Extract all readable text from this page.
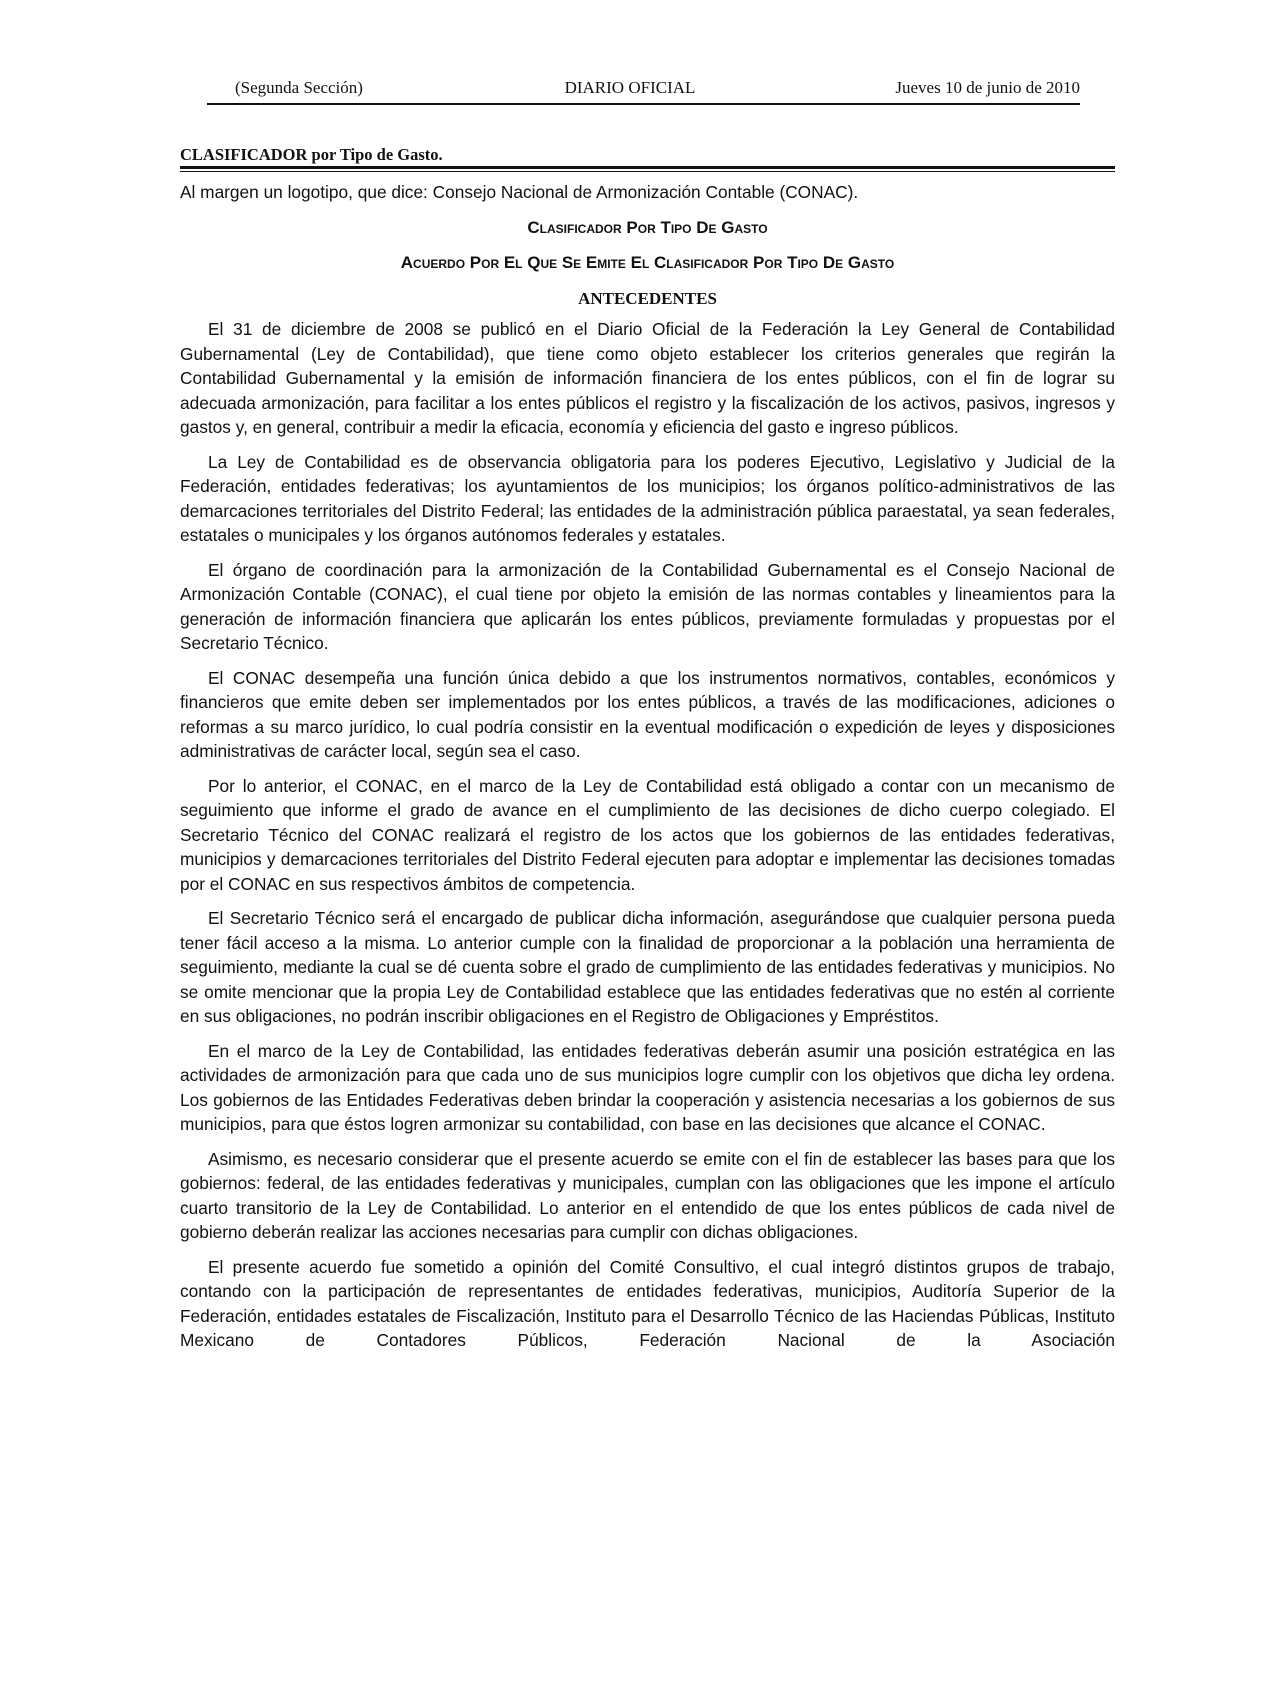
DIARIO OFICIAL
(Segunda Sección)	Jueves 10 de junio de 2010
CLASIFICADOR por Tipo de Gasto.

Al margen un logotipo, que dice: Consejo Nacional de Armonización Contable (CONAC).

Clasificador Por Tipo De Gasto

Acuerdo Por El Que Se Emite El Clasificador Por Tipo De Gasto

ANTECEDENTES

El 31 de diciembre de 2008 se publicó en el Diario Oficial de la Federación la Ley General de Contabilidad Gubernamental (Ley de Contabilidad), que tiene como objeto establecer los criterios generales que regirán la Contabilidad Gubernamental y la emisión de información financiera de los entes públicos, con el fin de lograr su adecuada armonización, para facilitar a los entes públicos el registro y la fiscalización de los activos, pasivos, ingresos y gastos y, en general, contribuir a medir la eficacia, economía y eficiencia del gasto e ingreso públicos.

La Ley de Contabilidad es de observancia obligatoria para los poderes Ejecutivo, Legislativo y Judicial de la Federación, entidades federativas; los ayuntamientos de los municipios; los órganos político-administrativos de las demarcaciones territoriales del Distrito Federal; las entidades de la administración pública paraestatal, ya sean federales, estatales o municipales y los órganos autónomos federales y estatales.

El órgano de coordinación para la armonización de la Contabilidad Gubernamental es el Consejo Nacional de Armonización Contable (CONAC), el cual tiene por objeto la emisión de las normas contables y lineamientos para la generación de información financiera que aplicarán los entes públicos, previamente formuladas y propuestas por el Secretario Técnico.

El CONAC desempeña una función única debido a que los instrumentos normativos, contables, económicos y financieros que emite deben ser implementados por los entes públicos, a través de las modificaciones, adiciones o reformas a su marco jurídico, lo cual podría consistir en la eventual modificación o expedición de leyes y disposiciones administrativas de carácter local, según sea el caso.

Por lo anterior, el CONAC, en el marco de la Ley de Contabilidad está obligado a contar con un mecanismo de seguimiento que informe el grado de avance en el cumplimiento de las decisiones de dicho cuerpo colegiado. El Secretario Técnico del CONAC realizará el registro de los actos que los gobiernos de las entidades federativas, municipios y demarcaciones territoriales del Distrito Federal ejecuten para adoptar e implementar las decisiones tomadas por el CONAC en sus respectivos ámbitos de competencia.

El Secretario Técnico será el encargado de publicar dicha información, asegurándose que cualquier persona pueda tener fácil acceso a la misma. Lo anterior cumple con la finalidad de proporcionar a la población una herramienta de seguimiento, mediante la cual se dé cuenta sobre el grado de cumplimiento de las entidades federativas y municipios. No se omite mencionar que la propia Ley de Contabilidad establece que las entidades federativas que no estén al corriente en sus obligaciones, no podrán inscribir obligaciones en el Registro de Obligaciones y Empréstitos.

En el marco de la Ley de Contabilidad, las entidades federativas deberán asumir una posición estratégica en las actividades de armonización para que cada uno de sus municipios logre cumplir con los objetivos que dicha ley ordena. Los gobiernos de las Entidades Federativas deben brindar la cooperación y asistencia necesarias a los gobiernos de sus municipios, para que éstos logren armonizar su contabilidad, con base en las decisiones que alcance el CONAC.

Asimismo, es necesario considerar que el presente acuerdo se emite con el fin de establecer las bases para que los gobiernos: federal, de las entidades federativas y municipales, cumplan con las obligaciones que les impone el artículo cuarto transitorio de la Ley de Contabilidad. Lo anterior en el entendido de que los entes públicos de cada nivel de gobierno deberán realizar las acciones necesarias para cumplir con dichas obligaciones.

El presente acuerdo fue sometido a opinión del Comité Consultivo, el cual integró distintos grupos de trabajo, contando con la participación de representantes de entidades federativas, municipios, Auditoría Superior de la Federación, entidades estatales de Fiscalización, Instituto para el Desarrollo Técnico de las Haciendas Públicas, Instituto Mexicano de Contadores Públicos, Federación Nacional de la Asociación
